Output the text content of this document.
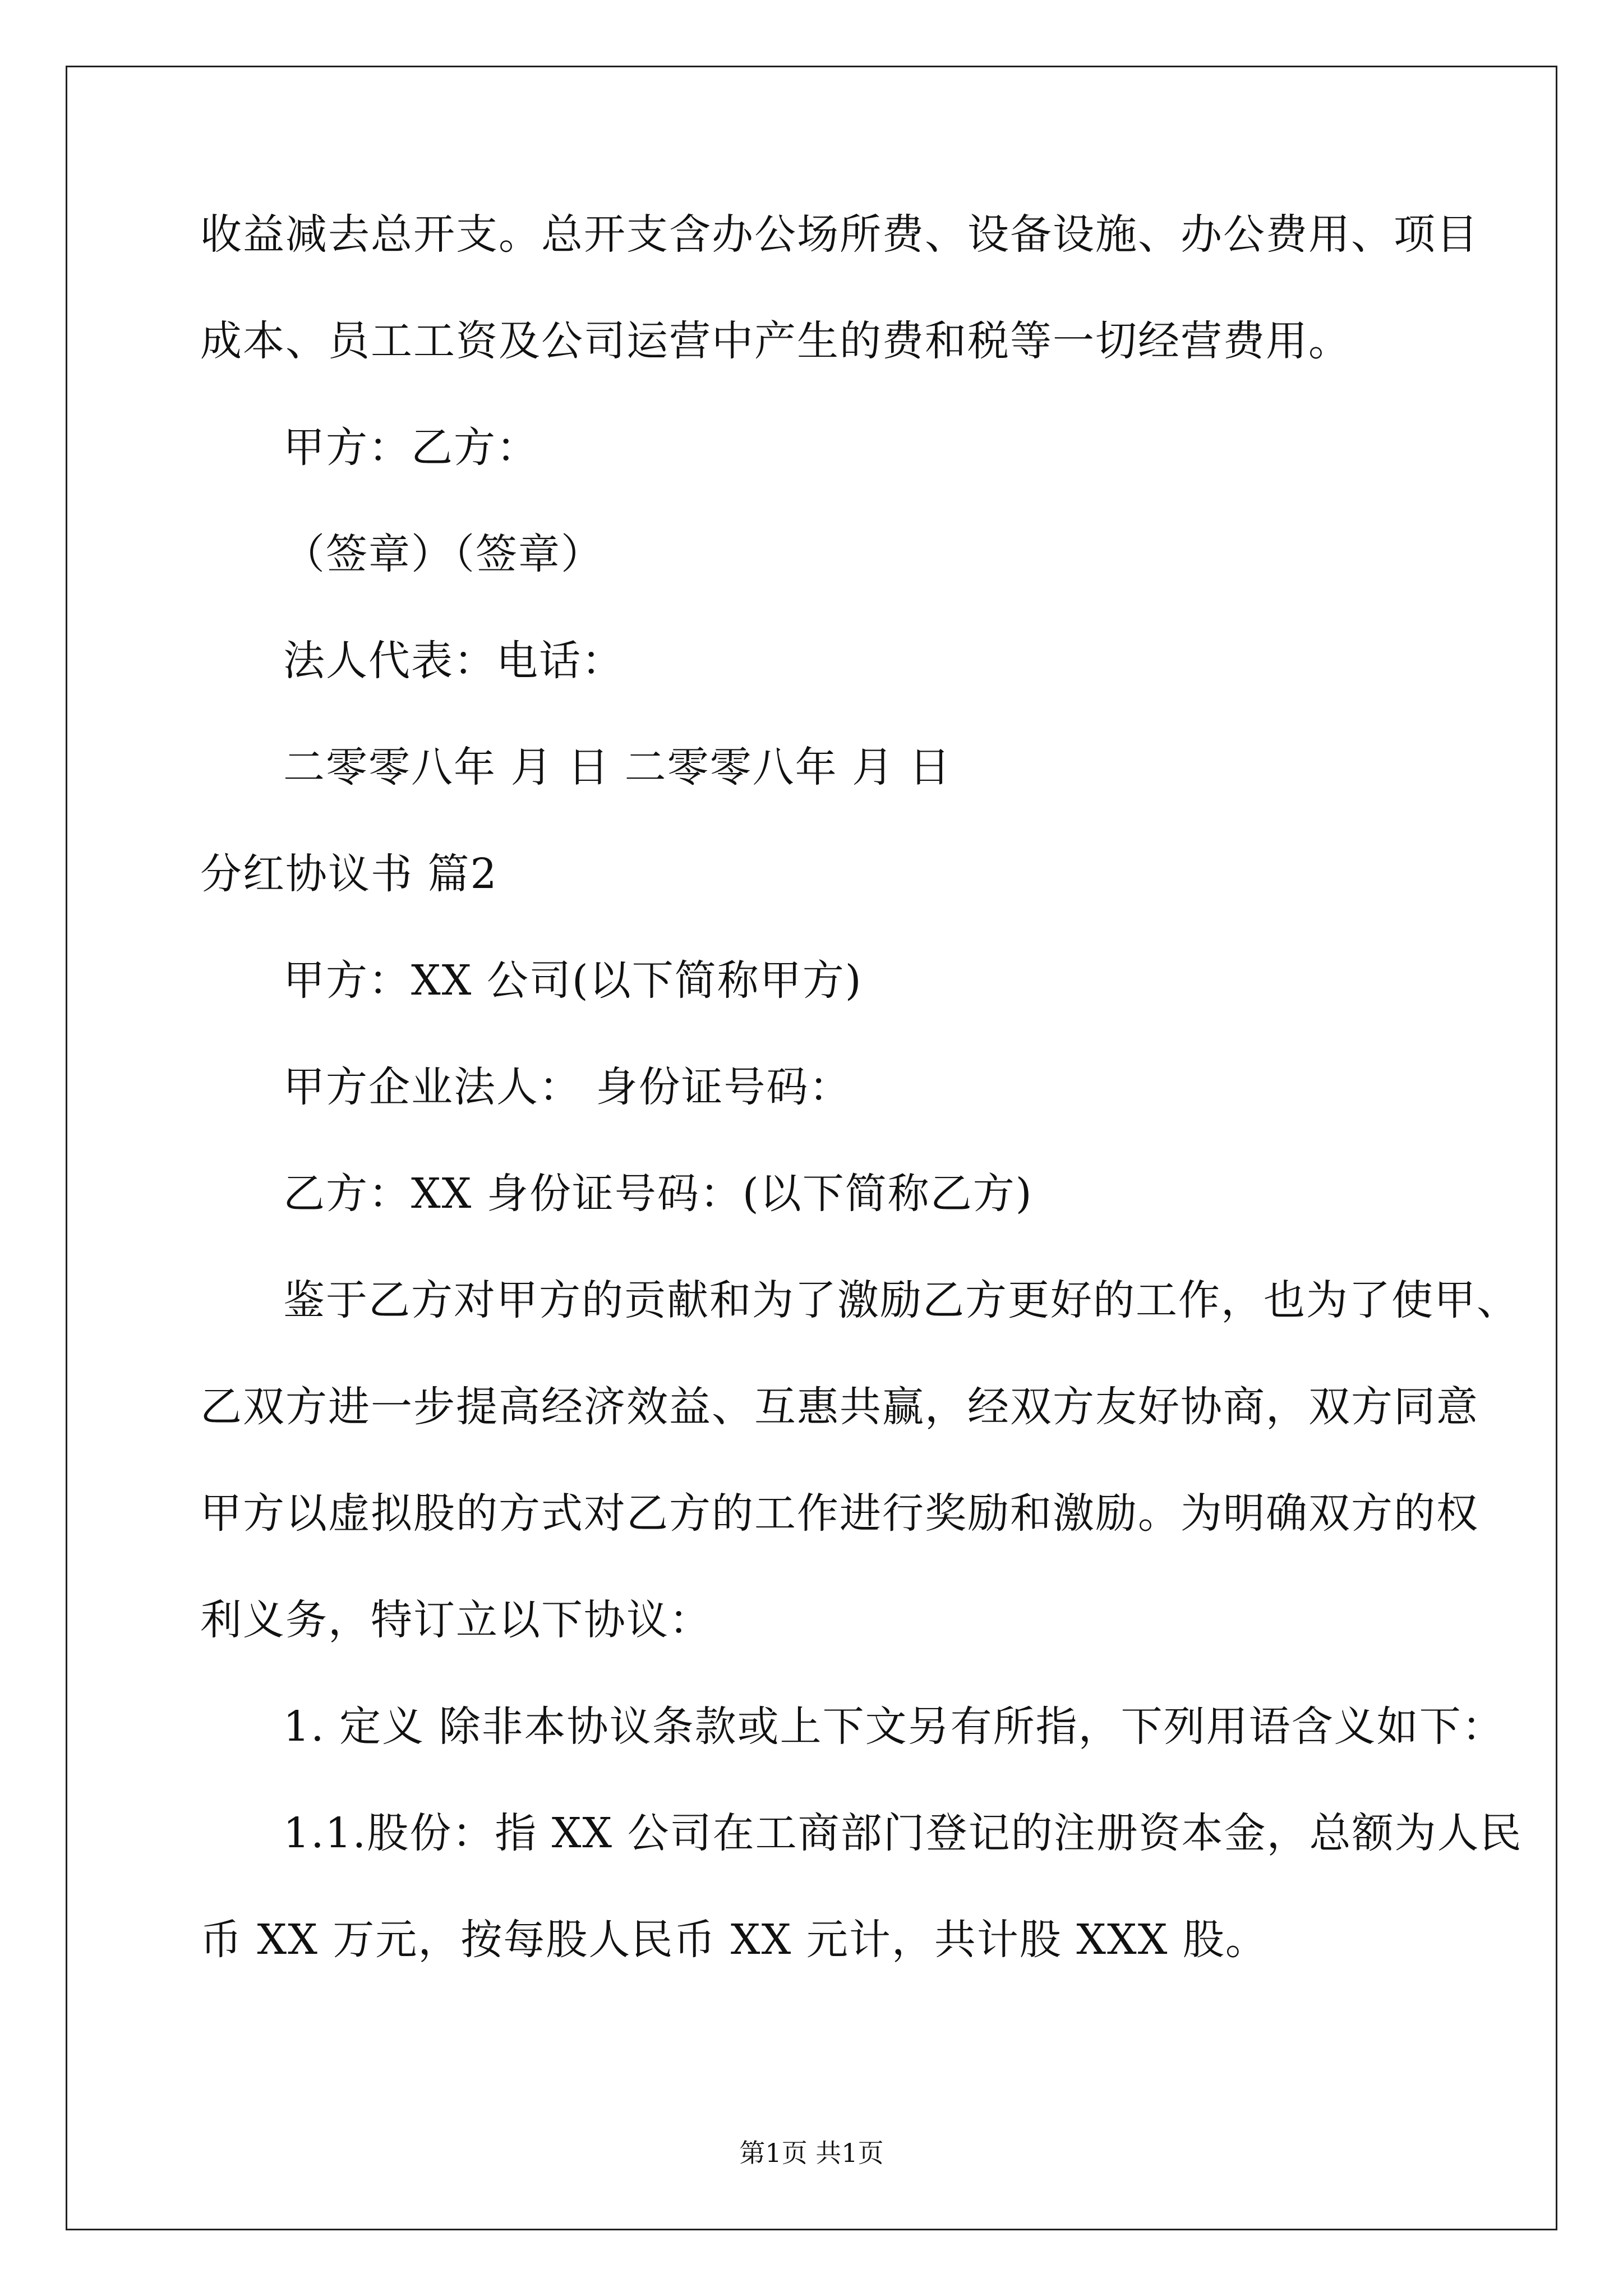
收益减去总开支。总开支含办公场所费、设备设施、办公费用、项目
成本、员工工资及公司运营中产生的费和税等一切经营费用。
甲方：乙方：
（签章）（签章）
法人代表：电话：
二零零八年 月 日 二零零八年 月 日
分红协议书 篇2
甲方：XX 公司(以下简称甲方)
甲方企业法人： 身份证号码：
乙方：XX 身份证号码：(以下简称乙方)
鉴于乙方对甲方的贡献和为了激励乙方更好的工作，也为了使甲、
乙双方进一步提高经济效益、互惠共赢，经双方友好协商，双方同意
甲方以虚拟股的方式对乙方的工作进行奖励和激励。为明确双方的权
利义务，特订立以下协议：
1. 定义 除非本协议条款或上下文另有所指，下列用语含义如下：
1.1.股份：指 XX 公司在工商部门登记的注册资本金，总额为人民
币 XX 万元，按每股人民币 XX 元计，共计股 XXX 股。
第1页 共1页
